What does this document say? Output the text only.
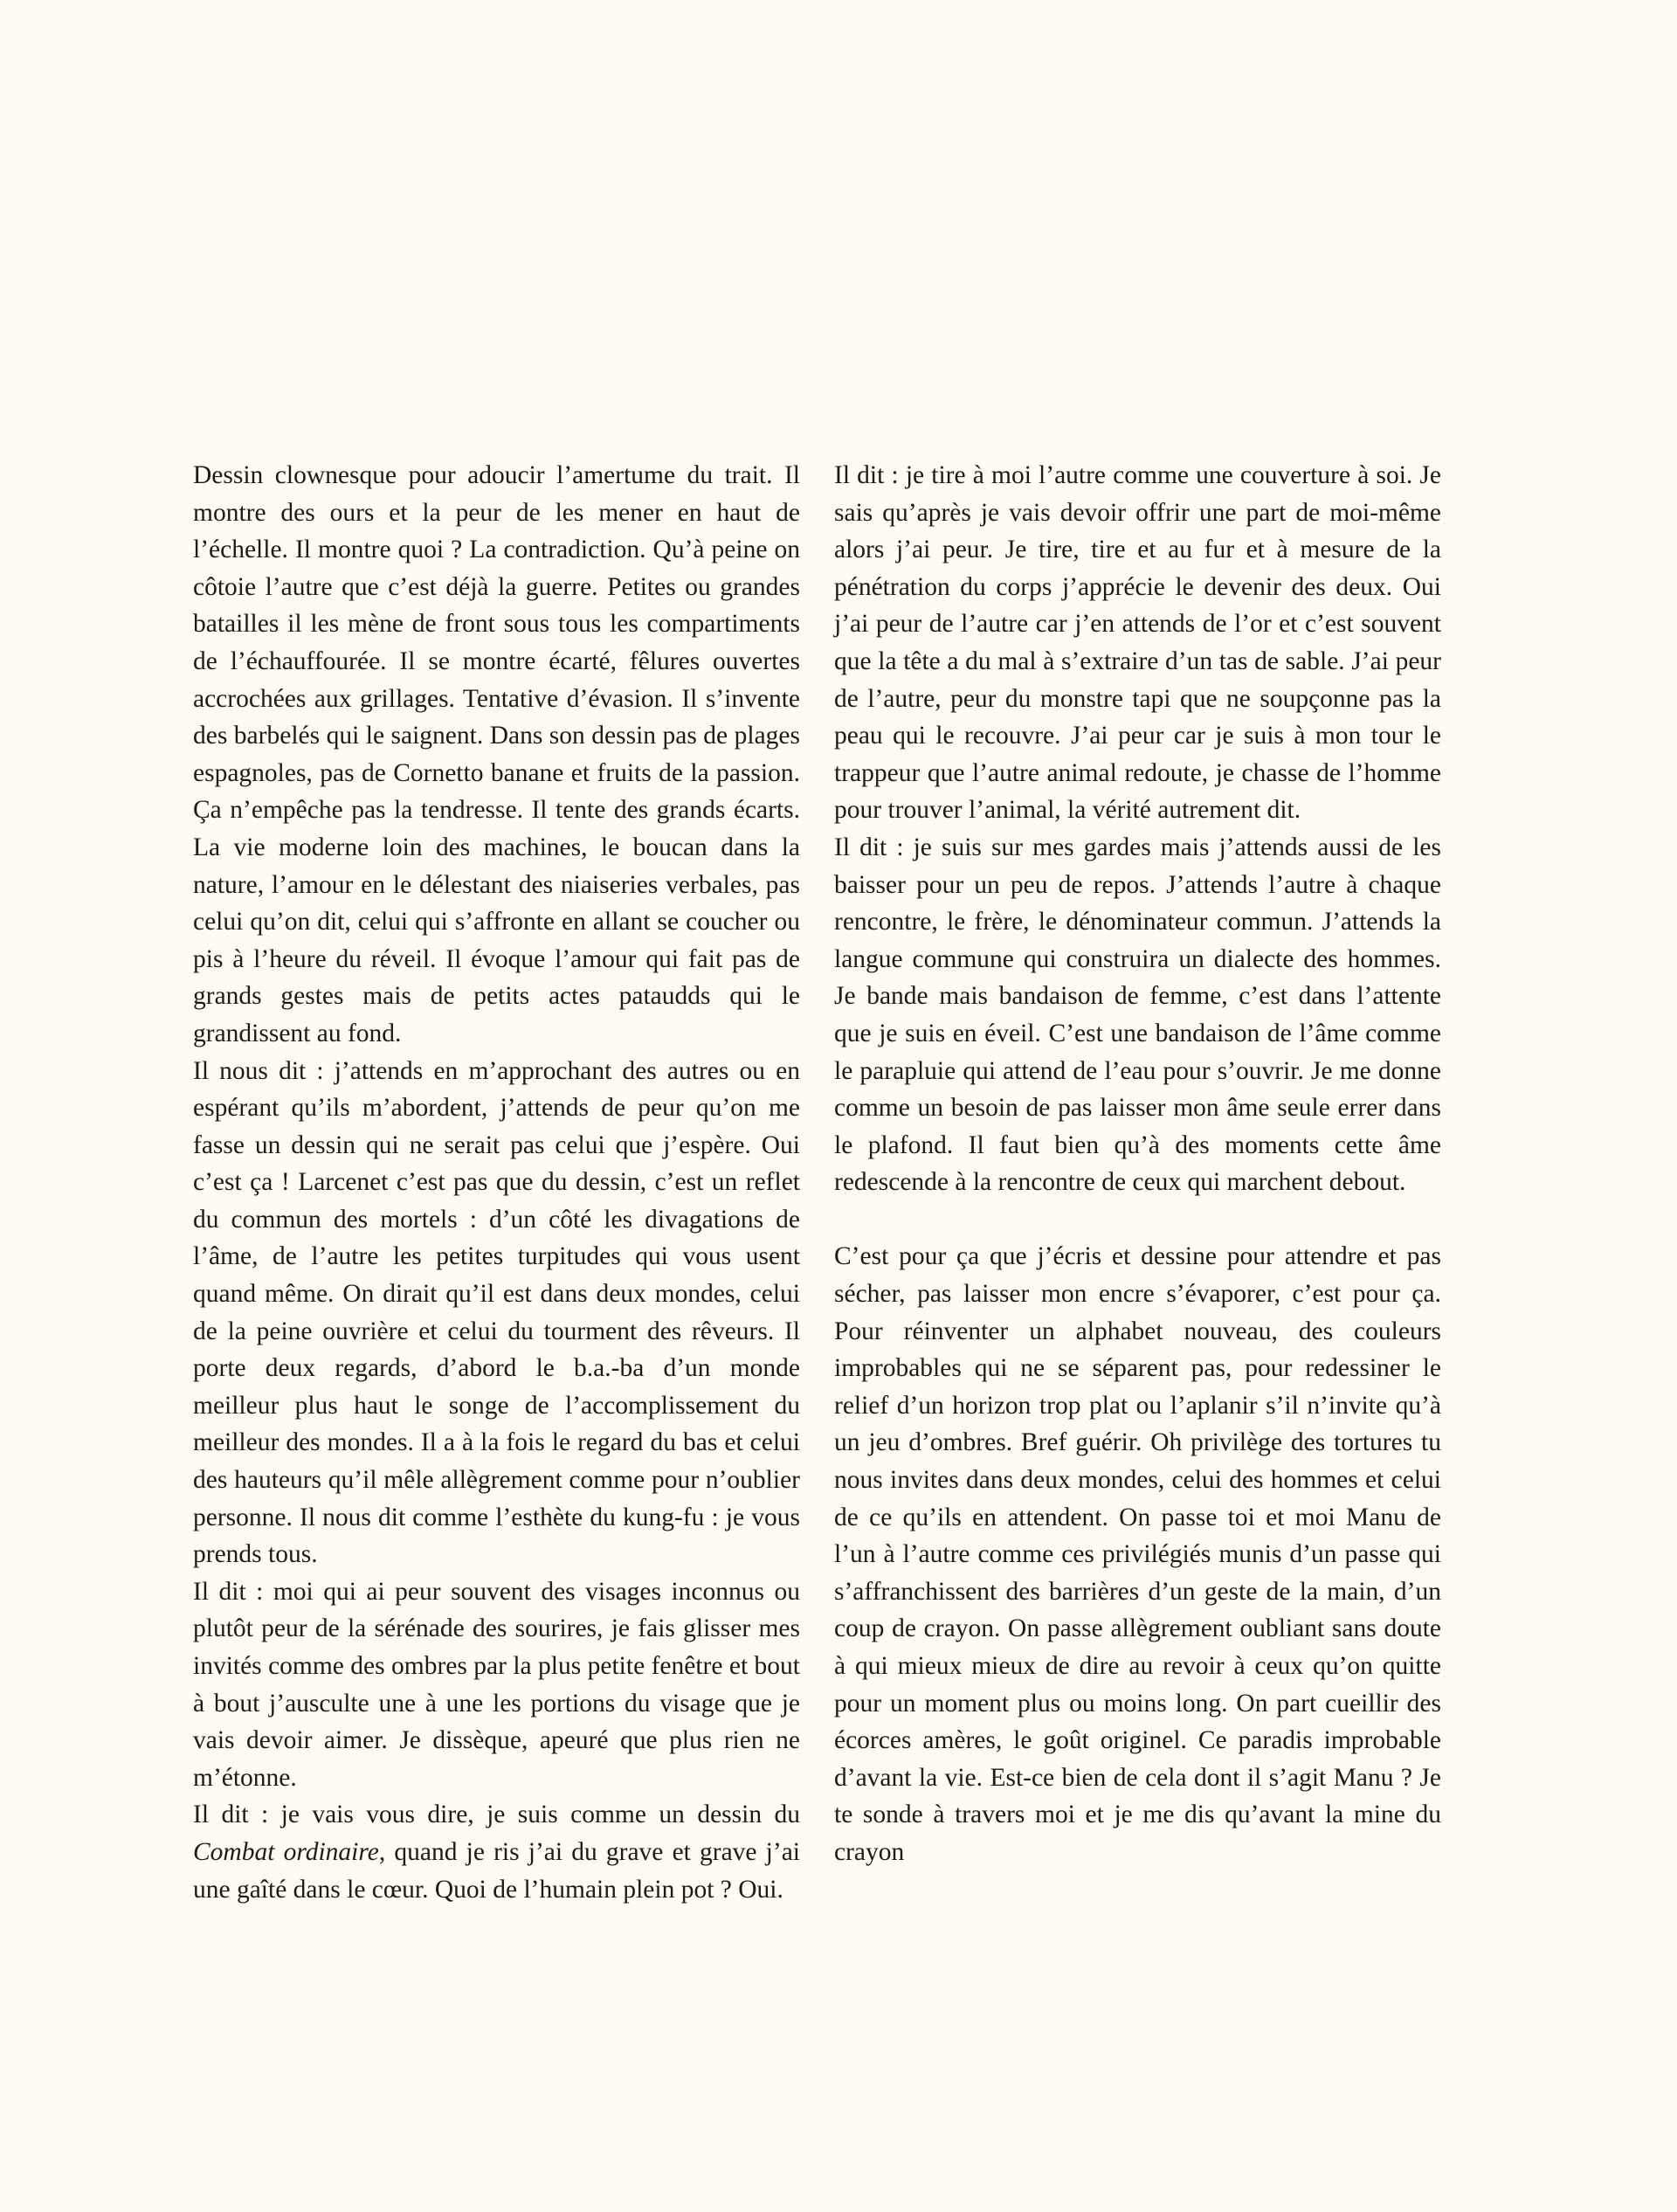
Dessin clownesque pour adoucir l’amertume du trait. Il montre des ours et la peur de les mener en haut de l’échelle. Il montre quoi ? La contradiction. Qu’à peine on côtoie l’autre que c’est déjà la guerre. Petites ou grandes batailles il les mène de front sous tous les compartiments de l’échauffourée. Il se montre écarté, fêlures ouvertes accrochées aux grillages. Tentative d’évasion. Il s’invente des barbelés qui le saignent. Dans son dessin pas de plages espagnoles, pas de Cornetto banane et fruits de la passion. Ça n’empêche pas la tendresse. Il tente des grands écarts. La vie moderne loin des machines, le boucan dans la nature, l’amour en le délestant des niaiseries verbales, pas celui qu’on dit, celui qui s’affronte en allant se coucher ou pis à l’heure du réveil. Il évoque l’amour qui fait pas de grands gestes mais de petits actes pataudds qui le grandissent au fond.

Il nous dit : j’attends en m’approchant des autres ou en espérant qu’ils m’abordent, j’attends de peur qu’on me fasse un dessin qui ne serait pas celui que j’espère. Oui c’est ça ! Larcenet c’est pas que du dessin, c’est un reflet du commun des mortels : d’un côté les divagations de l’âme, de l’autre les petites turpitudes qui vous usent quand même. On dirait qu’il est dans deux mondes, celui de la peine ouvrière et celui du tourment des rêveurs. Il porte deux regards, d’abord le b.a.-ba d’un monde meilleur plus haut le songe de l’accomplissement du meilleur des mondes. Il a à la fois le regard du bas et celui des hauteurs qu’il mêle allègrement comme pour n’oublier personne. Il nous dit comme l’esthète du kung-fu : je vous prends tous.

Il dit : moi qui ai peur souvent des visages inconnus ou plutôt peur de la sérénade des sourires, je fais glisser mes invités comme des ombres par la plus petite fenêtre et bout à bout j’ausculte une à une les portions du visage que je vais devoir aimer. Je dissèque, apeuré que plus rien ne m’étonne.

Il dit : je vais vous dire, je suis comme un dessin du Combat ordinaire, quand je ris j’ai du grave et grave j’ai une gaîté dans le cœur. Quoi de l’humain plein pot ? Oui.

Il dit : je tire à moi l’autre comme une couverture à soi. Je sais qu’après je vais devoir offrir une part de moi-même alors j’ai peur. Je tire, tire et au fur et à mesure de la pénétration du corps j’apprécie le devenir des deux. Oui j’ai peur de l’autre car j’en attends de l’or et c’est souvent que la tête a du mal à s’extraire d’un tas de sable. J’ai peur de l’autre, peur du monstre tapi que ne soupçonne pas la peau qui le recouvre. J’ai peur car je suis à mon tour le trappeur que l’autre animal redoute, je chasse de l’homme pour trouver l’animal, la vérité autrement dit.

Il dit : je suis sur mes gardes mais j’attends aussi de les baisser pour un peu de repos. J’attends l’autre à chaque rencontre, le frère, le dénominateur commun. J’attends la langue commune qui construira un dialecte des hommes. Je bande mais bandaison de femme, c’est dans l’attente que je suis en éveil. C’est une bandaison de l’âme comme le parapluie qui attend de l’eau pour s’ouvrir. Je me donne comme un besoin de pas laisser mon âme seule errer dans le plafond. Il faut bien qu’à des moments cette âme redescende à la rencontre de ceux qui marchent debout.

C’est pour ça que j’écris et dessine pour attendre et pas sécher, pas laisser mon encre s’évaporer, c’est pour ça. Pour réinventer un alphabet nouveau, des couleurs improbables qui ne se séparent pas, pour redessiner le relief d’un horizon trop plat ou l’aplanir s’il n’invite qu’à un jeu d’ombres. Bref guérir. Oh privilège des tortures tu nous invites dans deux mondes, celui des hommes et celui de ce qu’ils en attendent. On passe toi et moi Manu de l’un à l’autre comme ces privilégiés munis d’un passe qui s’affranchissent des barrières d’un geste de la main, d’un coup de crayon. On passe allègrement oubliant sans doute à qui mieux mieux de dire au revoir à ceux qu’on quitte pour un moment plus ou moins long. On part cueillir des écorces amères, le goût originel. Ce paradis improbable d’avant la vie. Est-ce bien de cela dont il s’agit Manu ? Je te sonde à travers moi et je me dis qu’avant la mine du crayon
